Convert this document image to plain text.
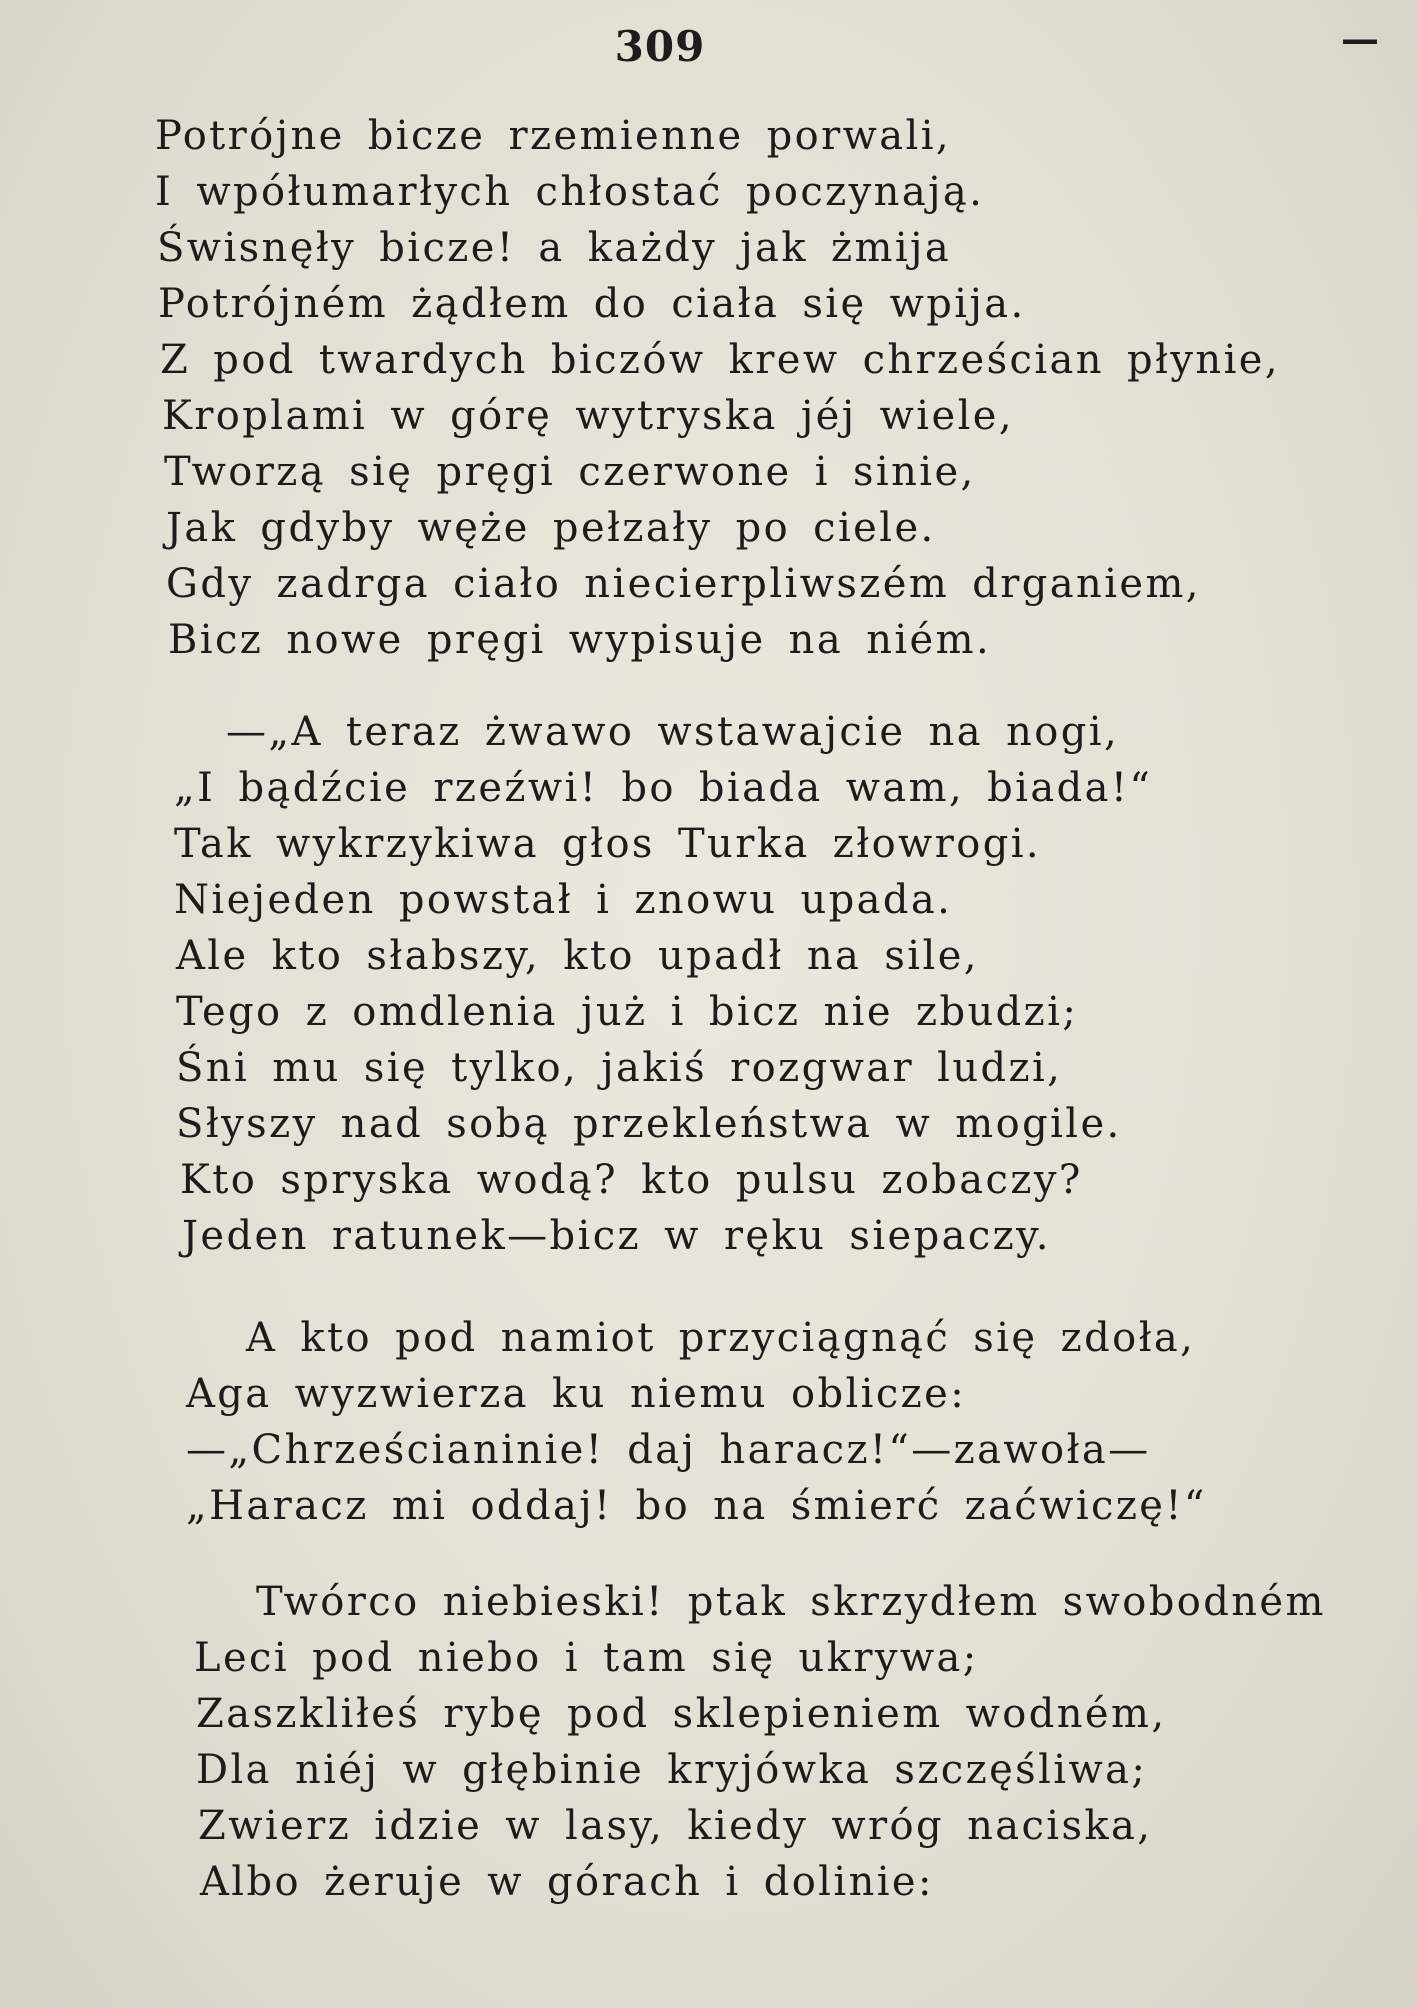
309	—
Potrójne bicze rzemienne porwali,
I wpółumarłych chłostać poczynają.
Świsnęły bicze! a każdy jak żmija
Potrójném żądłem do ciała się wpija.
Z pod twardych biczów krew chrześcian płynie,
Kroplami w górę wytryska jéj wiele,
Tworzą się pręgi czerwone i sinie,
Jak gdyby węże pełzały po ciele.
Gdy zadrga ciało niecierpliwszém drganiem,
Bicz nowe pręgi wypisuje na niém.
—„A teraz żwawo wstawajcie na nogi,
„I bądźcie rzeźwi! bo biada wam, biada!“
Tak wykrzykiwa głos Turka złowrogi.
Niejeden powstał i znowu upada.
Ale kto słabszy, kto upadł na sile,
Tego z omdlenia już i bicz nie zbudzi;
Śni mu się tylko, jakiś rozgwar ludzi,
Słyszy nad sobą przekleństwa w mogile.
Kto spryska wodą? kto pulsu zobaczy?
Jeden ratunek—bicz w ręku siepaczy.
A kto pod namiot przyciągnąć się zdoła,
Aga wyzwierza ku niemu oblicze:
—„Chrześcianinie! daj haracz!“—zawoła—
„Haracz mi oddaj! bo na śmierć zaćwiczę!“
Twórco niebieski! ptak skrzydłem swobodném
Leci pod niebo i tam się ukrywa;
Zaszkliłeś rybę pod sklepieniem wodném,
Dla niéj w głębinie kryjówka szczęśliwa;
Zwierz idzie w lasy, kiedy wróg naciska,
Albo żeruje w górach i dolinie:
